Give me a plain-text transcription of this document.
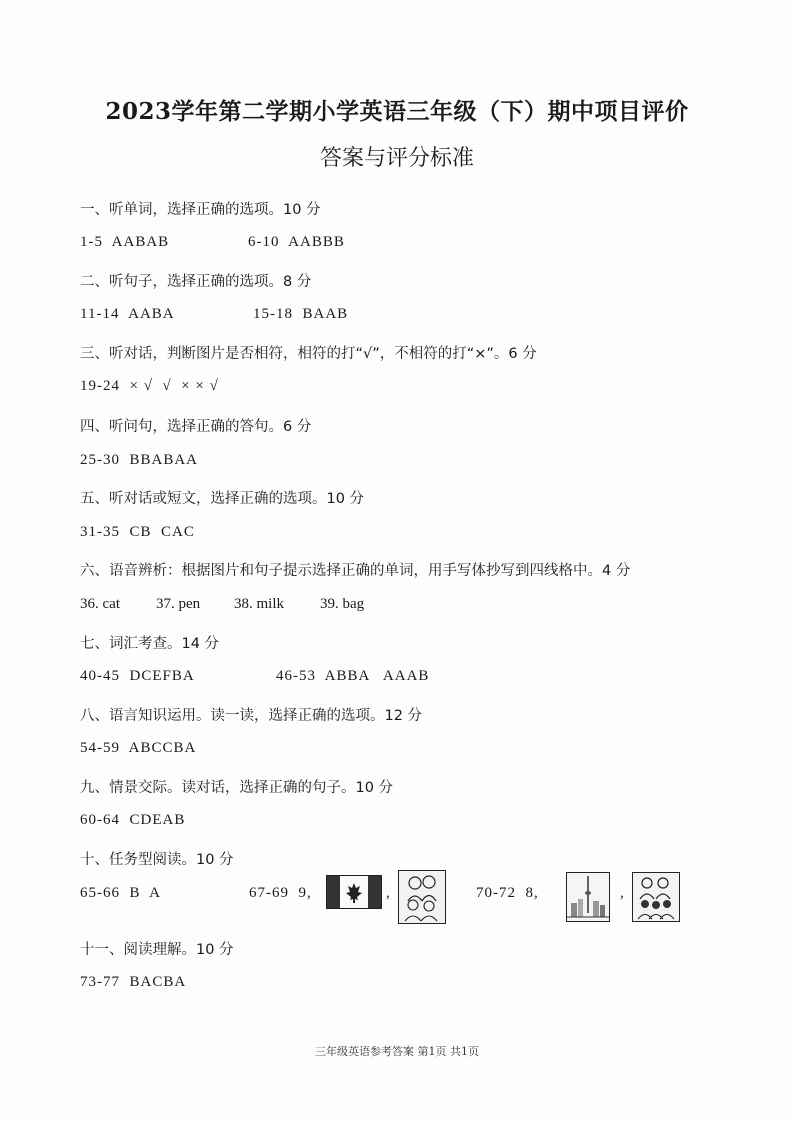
2023学年第二学期小学英语三年级（下）期中项目评价
答案与评分标准
一、听单词，选择正确的选项。10 分
1-5  AABAB	6-10  AABBB
二、听句子，选择正确的选项。8 分
11-14  AABA	15-18  BAAB
三、听对话，判断图片是否相符，相符的打“√”，不相符的打“×”。6 分
19-24  × √  √  × × √
四、听问句，选择正确的答句。6 分
25-30  BBABAA
五、听对话或短文，选择正确的选项。10 分
31-35  CB  CAC
六、语音辨析：根据图片和句子提示选择正确的单词，用手写体抄写到四线格中。4 分
36. cat 37. pen 38. milk 39. bag
七、词汇考查。14 分
40-45  DCEFBA	46-53  ABBA   AAAB
八、语言知识运用。读一读，选择正确的选项。12 分
54-59  ABCCBA
九、情景交际。读对话，选择正确的句子。10 分
60-64  CDEAB
十、任务型阅读。10 分
65-66  B  A	67-69  9,	,	70-72  8,	,
十一、阅读理解。10 分
73-77  BACBA
三年级英语参考答案 第1页 共1页
